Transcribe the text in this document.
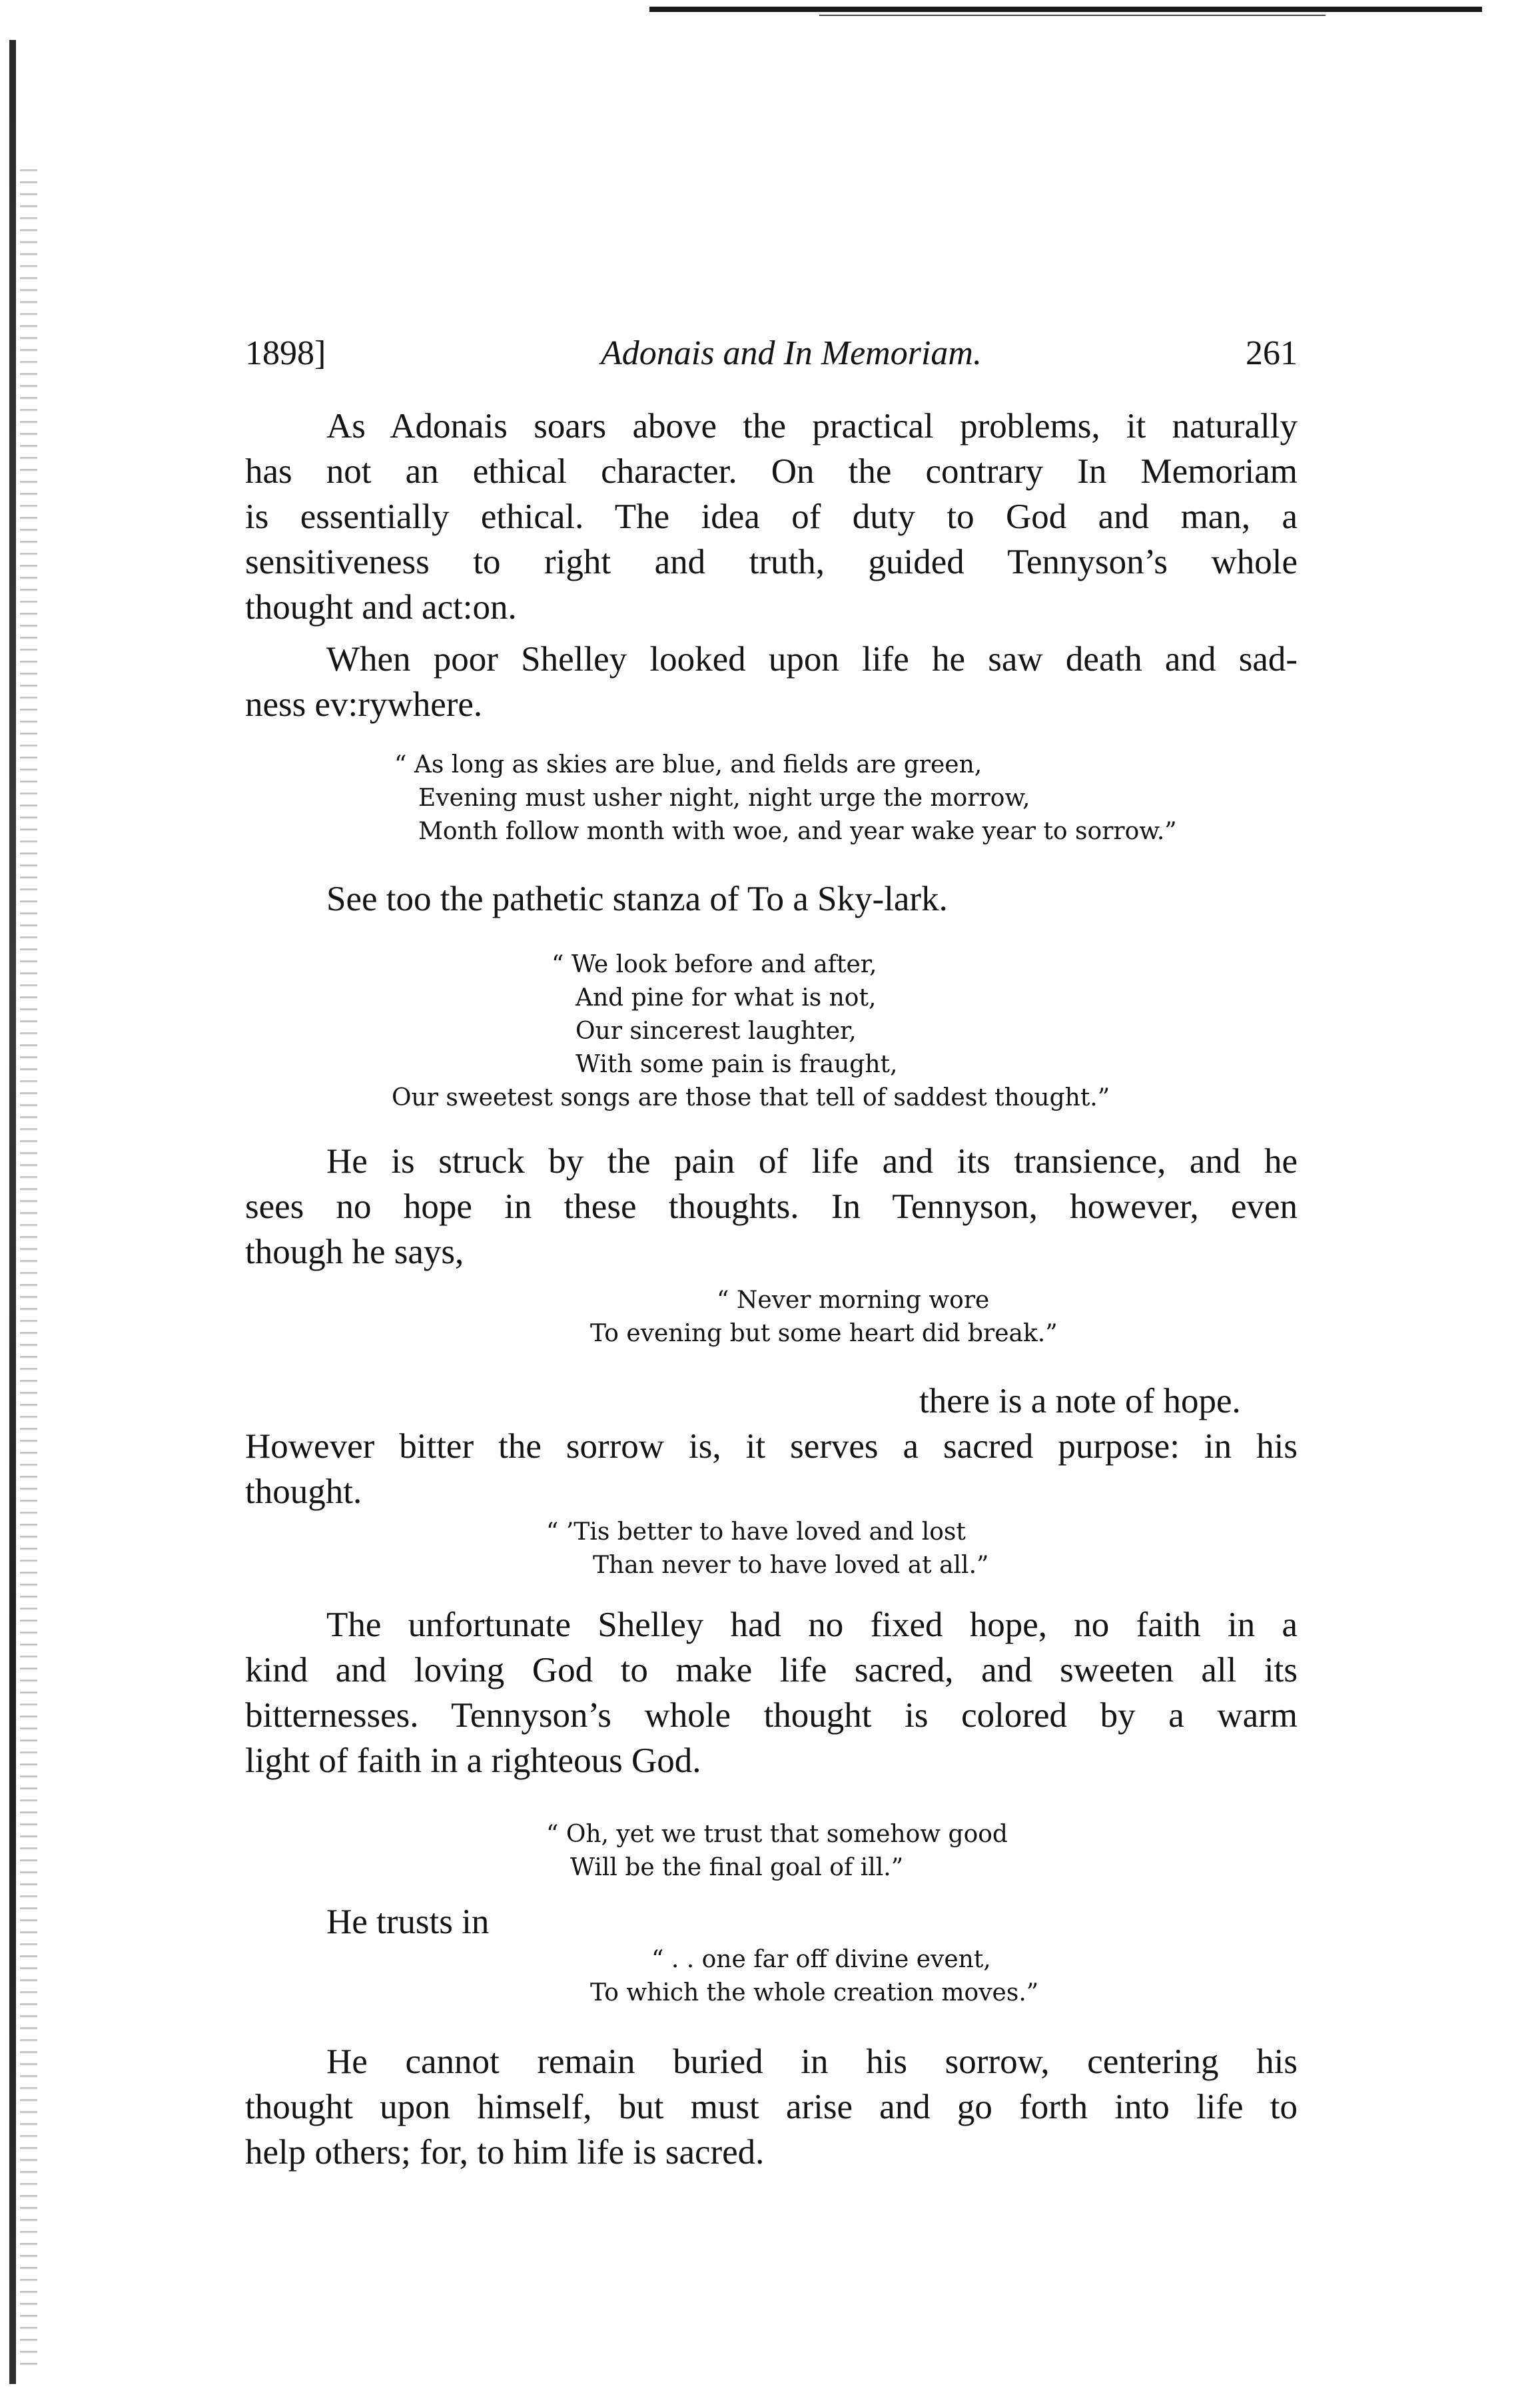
1898]	Adonais and In Memoriam.	261
As Adonais soars above the practical problems, it naturally
has not an ethical character. On the contrary In Memoriam
is essentially ethical. The idea of duty to God and man, a
sensitiveness to right and truth, guided Tennyson’s whole
thought and act:on.
When poor Shelley looked upon life he saw death and sad-
ness ev:rywhere.
“ As long as skies are blue, and fields are green,
Evening must usher night, night urge the morrow,
Month follow month with woe, and year wake year to sorrow.”
See too the pathetic stanza of To a Sky-lark.
“ We look before and after,
And pine for what is not,
Our sincerest laughter,
With some pain is fraught,
Our sweetest songs are those that tell of saddest thought.”
He is struck by the pain of life and its transience, and he
sees no hope in these thoughts. In Tennyson, however, even
though he says,
“ Never morning wore
To evening but some heart did break.”
there is a note of hope.
However bitter the sorrow is, it serves a sacred purpose: in his
thought.
“ ’Tis better to have loved and lost
Than never to have loved at all.”
The unfortunate Shelley had no fixed hope, no faith in a
kind and loving God to make life sacred, and sweeten all its
bitternesses. Tennyson’s whole thought is colored by a warm
light of faith in a righteous God.
“ Oh, yet we trust that somehow good
Will be the final goal of ill.”
He trusts in
“ . . one far off divine event,
To which the whole creation moves.”
He cannot remain buried in his sorrow, centering his
thought upon himself, but must arise and go forth into life to
help others; for, to him life is sacred.
